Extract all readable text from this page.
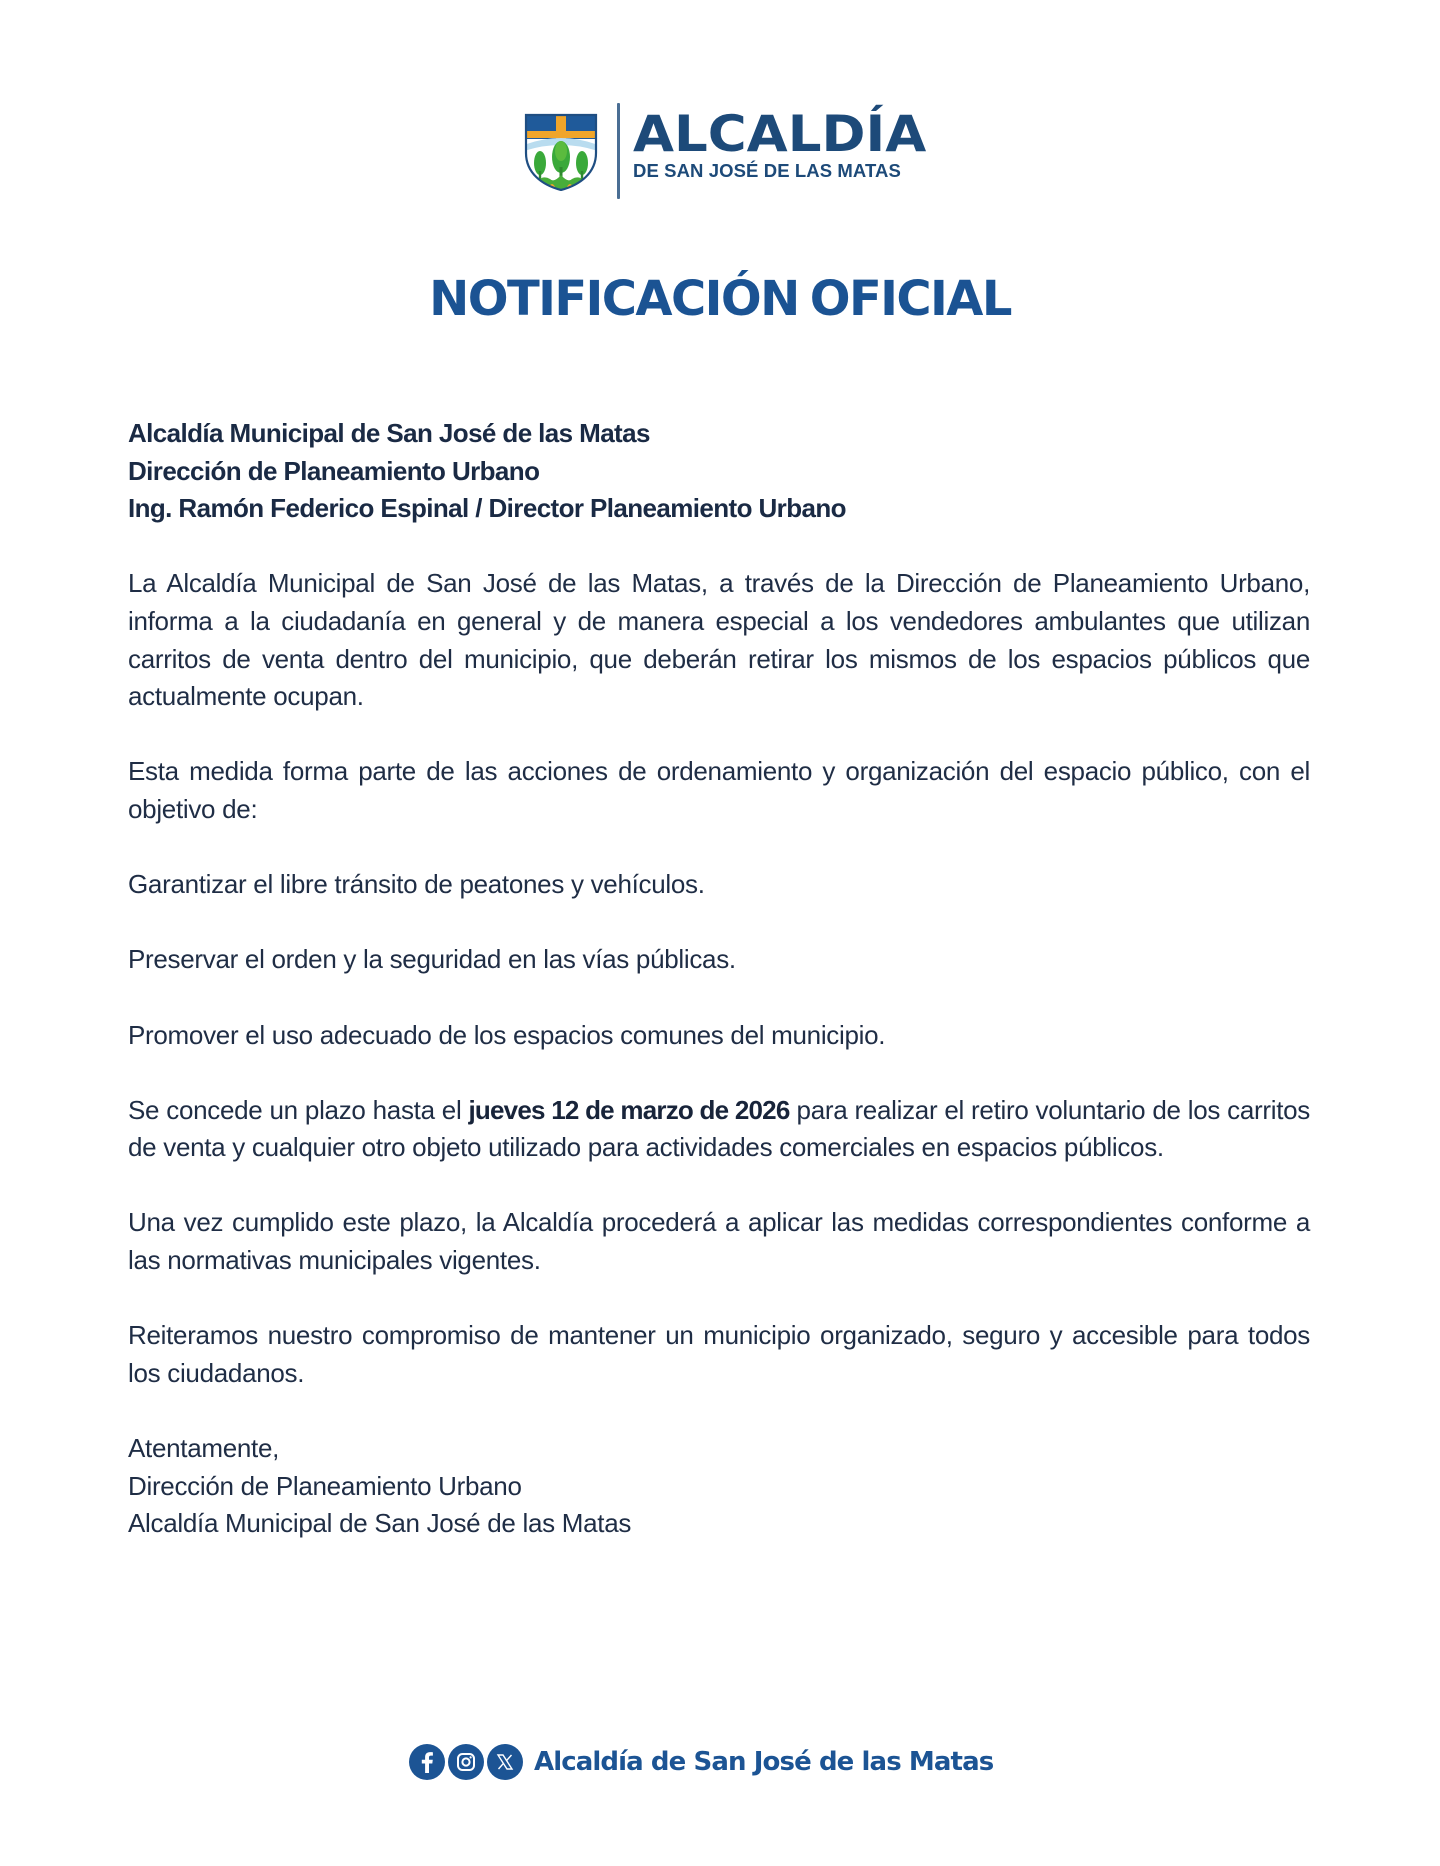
ALCALDÍA
DE SAN JOSÉ DE LAS MATAS
NOTIFICACIÓN OFICIAL
Alcaldía Municipal de San José de las Matas
Dirección de Planeamiento Urbano
Ing. Ramón Federico Espinal / Director Planeamiento Urbano

La Alcaldía Municipal de San José de las Matas, a través de la Dirección de Planeamiento Urbano, informa a la ciudadanía en general y de manera especial a los vendedores ambulantes que utilizan carritos de venta dentro del municipio, que deberán retirar los mismos de los espacios públicos que actualmente ocupan.

Esta medida forma parte de las acciones de ordenamiento y organización del espacio público, con el objetivo de:

Garantizar el libre tránsito de peatones y vehículos.

Preservar el orden y la seguridad en las vías públicas.

Promover el uso adecuado de los espacios comunes del municipio.

Se concede un plazo hasta el jueves 12 de marzo de 2026 para realizar el retiro voluntario de los carritos de venta y cualquier otro objeto utilizado para actividades comerciales en espacios públicos.

Una vez cumplido este plazo, la Alcaldía procederá a aplicar las medidas correspondientes conforme a las normativas municipales vigentes.

Reiteramos nuestro compromiso de mantener un municipio organizado, seguro y accesible para todos los ciudadanos.

Atentamente,
Dirección de Planeamiento Urbano
Alcaldía Municipal de San José de las Matas
Alcaldía de San José de las Matas
